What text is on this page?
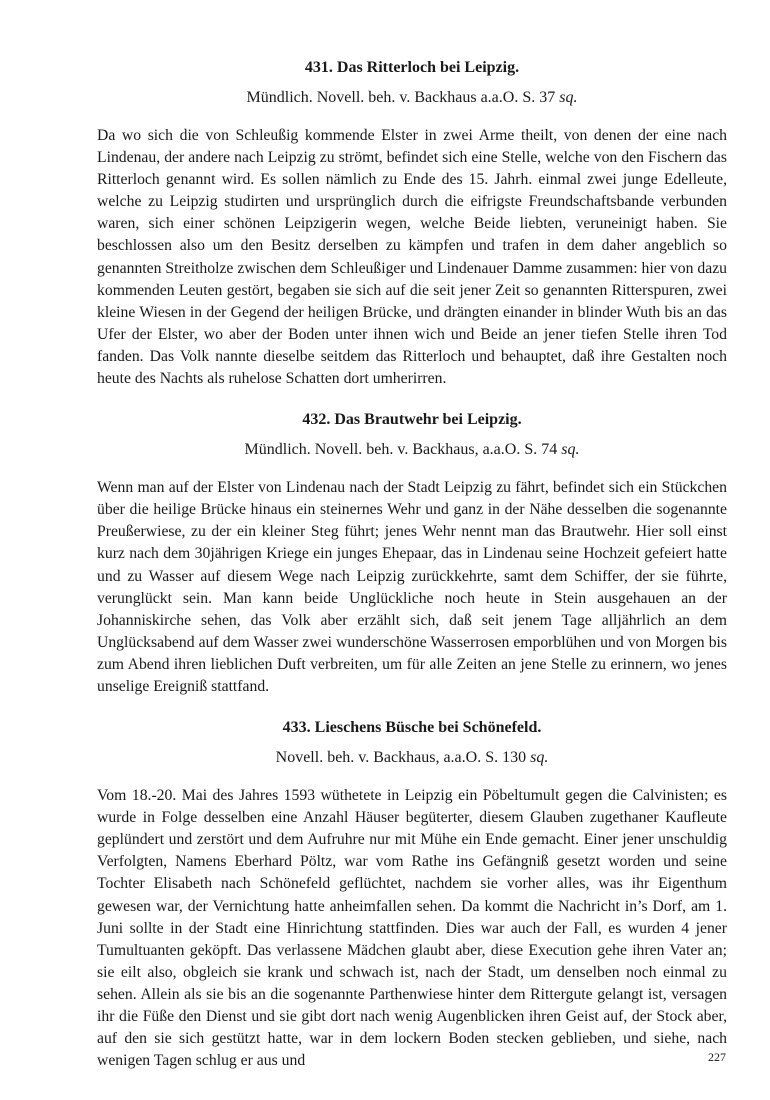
431. Das Ritterloch bei Leipzig.
Mündlich. Novell. beh. v. Backhaus a.a.O. S. 37 sq.

Da wo sich die von Schleußig kommende Elster in zwei Arme theilt, von denen der eine nach Lindenau, der andere nach Leipzig zu strömt, befindet sich eine Stelle, welche von den Fischern das Ritterloch genannt wird. Es sollen nämlich zu Ende des 15. Jahrh. einmal zwei junge Edelleute, welche zu Leipzig studirten und ursprünglich durch die eifrigste Freundschaftsbande verbunden waren, sich einer schönen Leipzigerin wegen, welche Beide liebten, veruneinigt haben. Sie beschlossen also um den Besitz derselben zu kämpfen und trafen in dem daher angeblich so genannten Streitholze zwischen dem Schleußiger und Lindenauer Damme zusammen: hier von dazu kommenden Leuten gestört, begaben sie sich auf die seit jener Zeit so genannten Ritterspuren, zwei kleine Wiesen in der Gegend der heiligen Brücke, und drängten einander in blinder Wuth bis an das Ufer der Elster, wo aber der Boden unter ihnen wich und Beide an jener tiefen Stelle ihren Tod fanden. Das Volk nannte dieselbe seitdem das Ritterloch und behauptet, daß ihre Gestalten noch heute des Nachts als ruhelose Schatten dort umherirren.

432. Das Brautwehr bei Leipzig.
Mündlich. Novell. beh. v. Backhaus, a.a.O. S. 74 sq.

Wenn man auf der Elster von Lindenau nach der Stadt Leipzig zu fährt, befindet sich ein Stückchen über die heilige Brücke hinaus ein steinernes Wehr und ganz in der Nähe desselben die sogenannte Preußerwiese, zu der ein kleiner Steg führt; jenes Wehr nennt man das Brautwehr. Hier soll einst kurz nach dem 30jährigen Kriege ein junges Ehepaar, das in Lindenau seine Hochzeit gefeiert hatte und zu Wasser auf diesem Wege nach Leipzig zurückkehrte, samt dem Schiffer, der sie führte, verunglückt sein. Man kann beide Unglückliche noch heute in Stein ausgehauen an der Johanniskirche sehen, das Volk aber erzählt sich, daß seit jenem Tage alljährlich an dem Unglücksabend auf dem Wasser zwei wunderschöne Wasserrosen emporblühen und von Morgen bis zum Abend ihren lieblichen Duft verbreiten, um für alle Zeiten an jene Stelle zu erinnern, wo jenes unselige Ereigniß stattfand.

433. Lieschens Büsche bei Schönefeld.
Novell. beh. v. Backhaus, a.a.O. S. 130 sq.

Vom 18.-20. Mai des Jahres 1593 wüthetete in Leipzig ein Pöbeltumult gegen die Calvinisten; es wurde in Folge desselben eine Anzahl Häuser begüterter, diesem Glauben zugethaner Kaufleute geplündert und zerstört und dem Aufruhre nur mit Mühe ein Ende gemacht. Einer jener unschuldig Verfolgten, Namens Eberhard Pöltz, war vom Rathe ins Gefängniß gesetzt worden und seine Tochter Elisabeth nach Schönefeld geflüchtet, nachdem sie vorher alles, was ihr Eigenthum gewesen war, der Vernichtung hatte anheimfallen sehen. Da kommt die Nachricht in’s Dorf, am 1. Juni sollte in der Stadt eine Hinrichtung stattfinden. Dies war auch der Fall, es wurden 4 jener Tumultuanten geköpft. Das verlassene Mädchen glaubt aber, diese Execution gehe ihren Vater an; sie eilt also, obgleich sie krank und schwach ist, nach der Stadt, um denselben noch einmal zu sehen. Allein als sie bis an die sogenannte Parthenwiese hinter dem Rittergute gelangt ist, versagen ihr die Füße den Dienst und sie gibt dort nach wenig Augenblicken ihren Geist auf, der Stock aber, auf den sie sich gestützt hatte, war in dem lockern Boden stecken geblieben, und siehe, nach wenigen Tagen schlug er aus und	227
